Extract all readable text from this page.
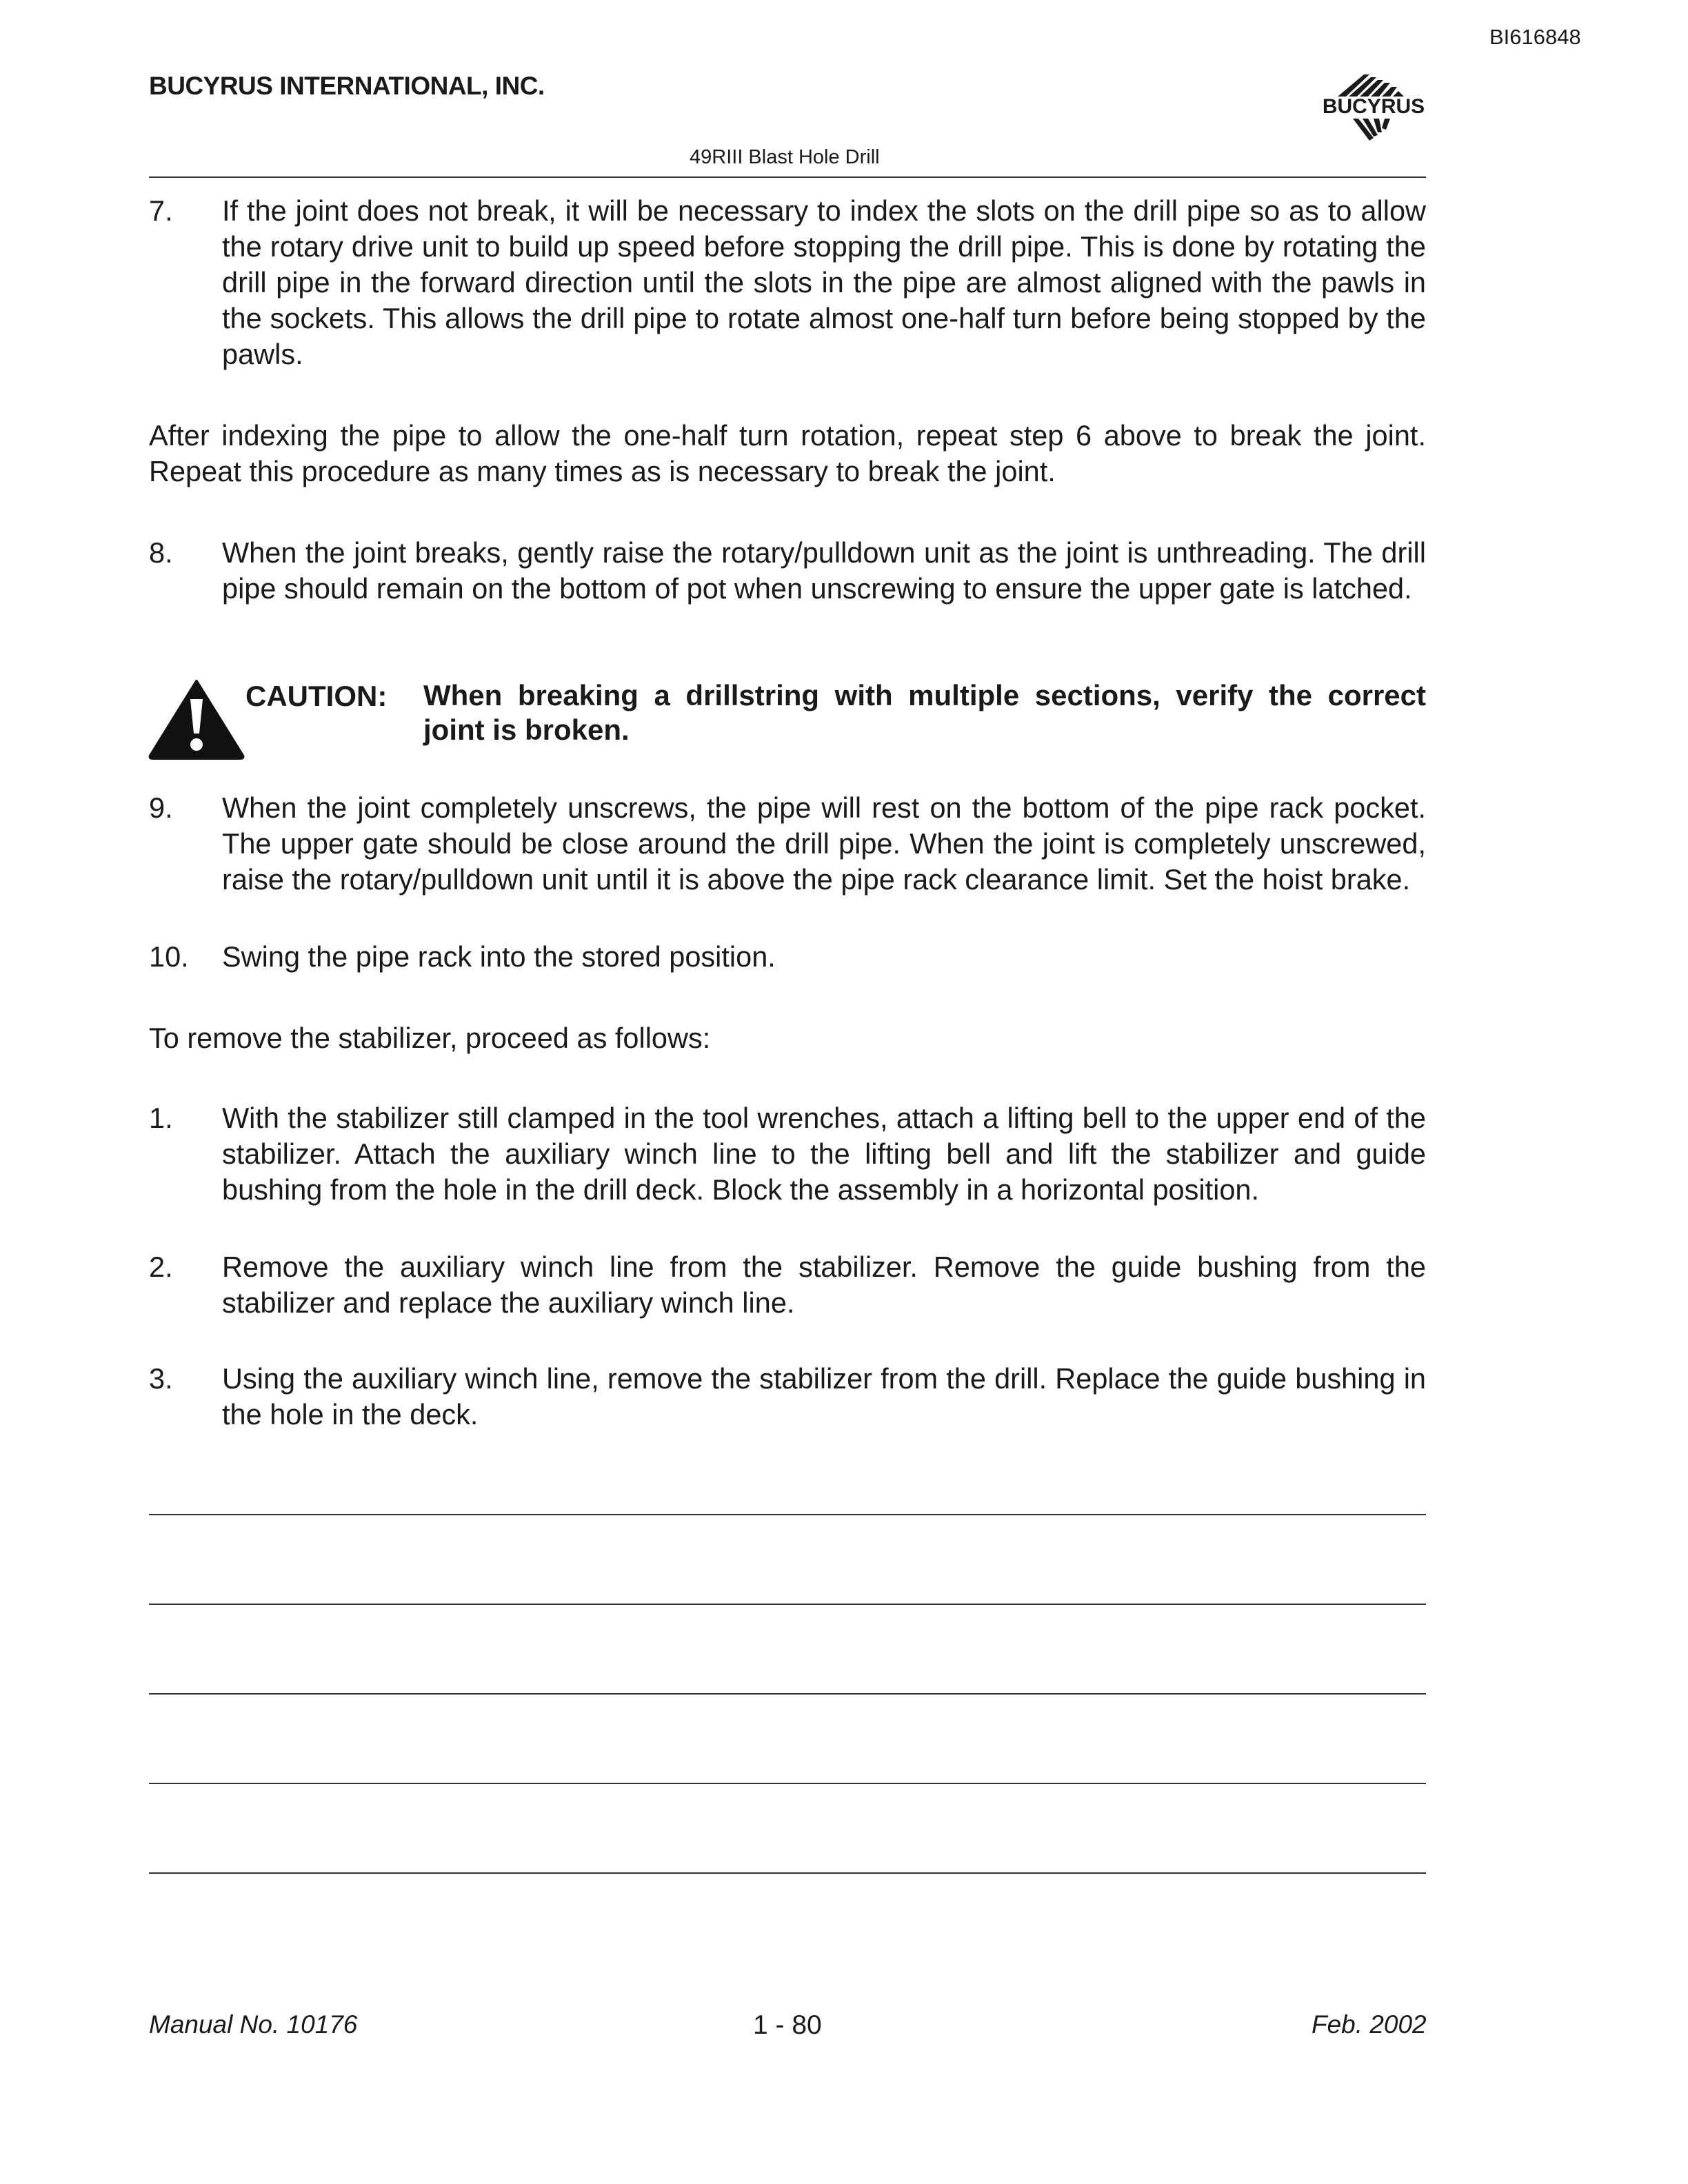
BI616848
BUCYRUS INTERNATIONAL, INC.
BUCYRUS
49RIII Blast Hole Drill
7. If the joint does not break, it will be necessary to index the slots on the drill pipe so as to allow the rotary drive unit to build up speed before stopping the drill pipe. This is done by rotating the drill pipe in the forward direction until the slots in the pipe are almost aligned with the pawls in the sockets. This allows the drill pipe to rotate almost one-half turn before being stopped by the pawls.
After indexing the pipe to allow the one-half turn rotation, repeat step 6 above to break the joint. Repeat this procedure as many times as is necessary to break the joint.
8. When the joint breaks, gently raise the rotary/pulldown unit as the joint is unthreading. The drill pipe should remain on the bottom of pot when unscrewing to ensure the upper gate is latched.
CAUTION: When breaking a drillstring with multiple sections, verify the correct joint is broken.
9. When the joint completely unscrews, the pipe will rest on the bottom of the pipe rack pocket. The upper gate should be close around the drill pipe. When the joint is completely unscrewed, raise the rotary/pulldown unit until it is above the pipe rack clearance limit. Set the hoist brake.
10. Swing the pipe rack into the stored position.
To remove the stabilizer, proceed as follows:
1. With the stabilizer still clamped in the tool wrenches, attach a lifting bell to the upper end of the stabilizer. Attach the auxiliary winch line to the lifting bell and lift the stabilizer and guide bushing from the hole in the drill deck. Block the assembly in a horizontal position.
2. Remove the auxiliary winch line from the stabilizer. Remove the guide bushing from the stabilizer and replace the auxiliary winch line.
3. Using the auxiliary winch line, remove the stabilizer from the drill. Replace the guide bushing in the hole in the deck.
Manual No. 10176	1 - 80	Feb. 2002
